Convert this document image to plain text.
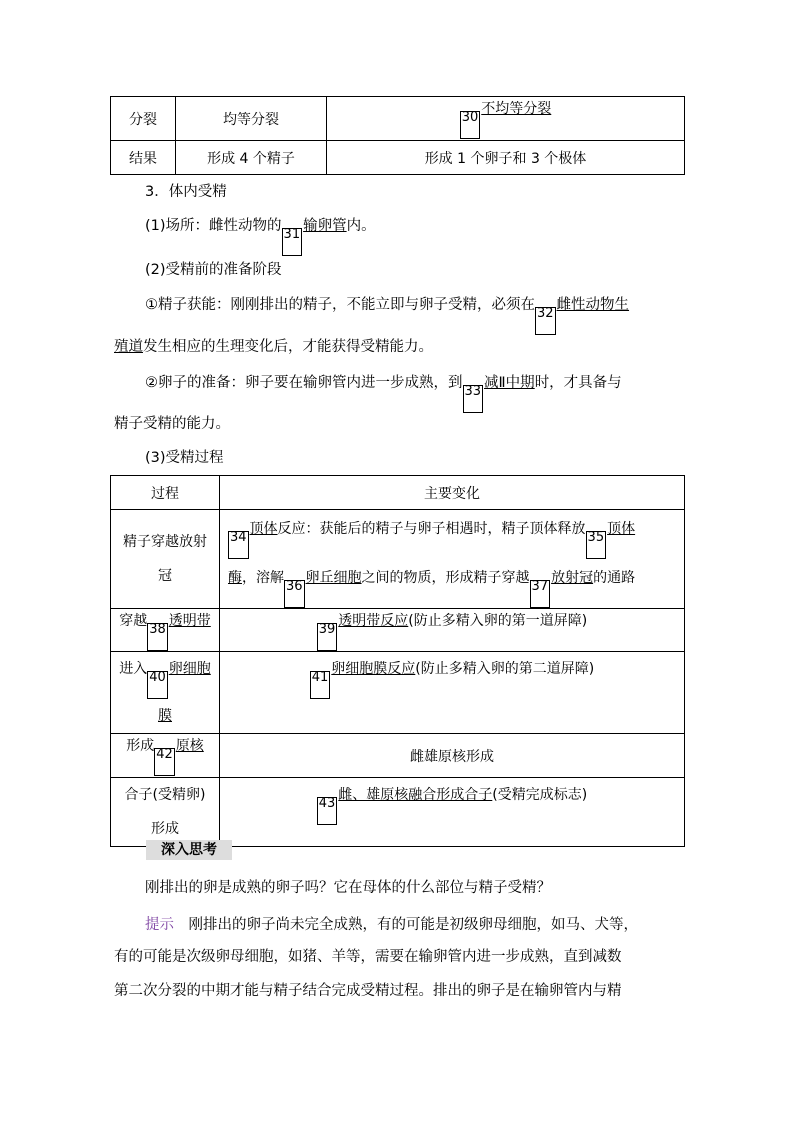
分裂	均等分裂	30不均等分裂
结果	形成 4 个精子	形成 1 个卵子和 3 个极体
3．体内受精
(1)场所：雌性动物的31输卵管内。
(2)受精前的准备阶段
①精子获能：刚刚排出的精子，不能立即与卵子受精，必须在32雌性动物生
殖道发生相应的生理变化后，才能获得受精能力。
②卵子的准备：卵子要在输卵管内进一步成熟，到33减Ⅱ中期时，才具备与
精子受精的能力。
(3)受精过程
过程	主要变化
精子穿越放射
冠	34顶体反应：获能后的精子与卵子相遇时，精子顶体释放35顶体
酶，溶解36卵丘细胞之间的物质，形成精子穿越37放射冠的通路
穿越38透明带	39透明带反应(防止多精入卵的第一道屏障)
进入40卵细胞
膜	41卵细胞膜反应(防止多精入卵的第二道屏障)
形成42原核	雌雄原核形成
合子(受精卵)
形成	43雌、雄原核融合形成合子(受精完成标志)
深入思考
刚排出的卵是成熟的卵子吗？它在母体的什么部位与精子受精？
提示　 刚排出的卵子尚未完全成熟，有的可能是初级卵母细胞，如马、犬等，
有的可能是次级卵母细胞，如猪、羊等，需要在输卵管内进一步成熟，直到减数
第二次分裂的中期才能与精子结合完成受精过程。排出的卵子是在输卵管内与精
